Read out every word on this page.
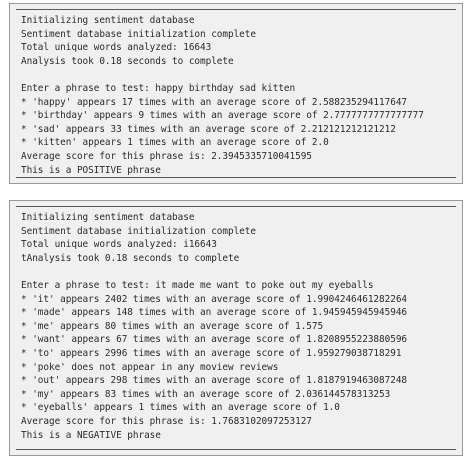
Initializing sentiment database
Sentiment database initialization complete
Total unique words analyzed: 16643
Analysis took 0.18 seconds to complete
Enter a phrase to test: happy birthday sad kitten
* 'happy' appears 17 times with an average score of 2.588235294117647
* 'birthday' appears 9 times with an average score of 2.7777777777777777
* 'sad' appears 33 times with an average score of 2.212121212121212
* 'kitten' appears 1 times with an average score of 2.0
Average score for this phrase is: 2.3945335710041595
This is a POSITIVE phrase
Initializing sentiment database
Sentiment database initialization complete
Total unique words analyzed: i16643
tAnalysis took 0.18 seconds to complete
Enter a phrase to test: it made me want to poke out my eyeballs
* 'it' appears 2402 times with an average score of 1.9904246461282264
* 'made' appears 148 times with an average score of 1.945945945945946
* 'me' appears 80 times with an average score of 1.575
* 'want' appears 67 times with an average score of 1.8208955223880596
* 'to' appears 2996 times with an average score of 1.959279038718291
* 'poke' does not appear in any moview reviews
* 'out' appears 298 times with an average score of 1.8187919463087248
* 'my' appears 83 times with an average score of 2.036144578313253
* 'eyeballs' appears 1 times with an average score of 1.0
Average score for this phrase is: 1.7683102097253127
This is a NEGATIVE phrase
